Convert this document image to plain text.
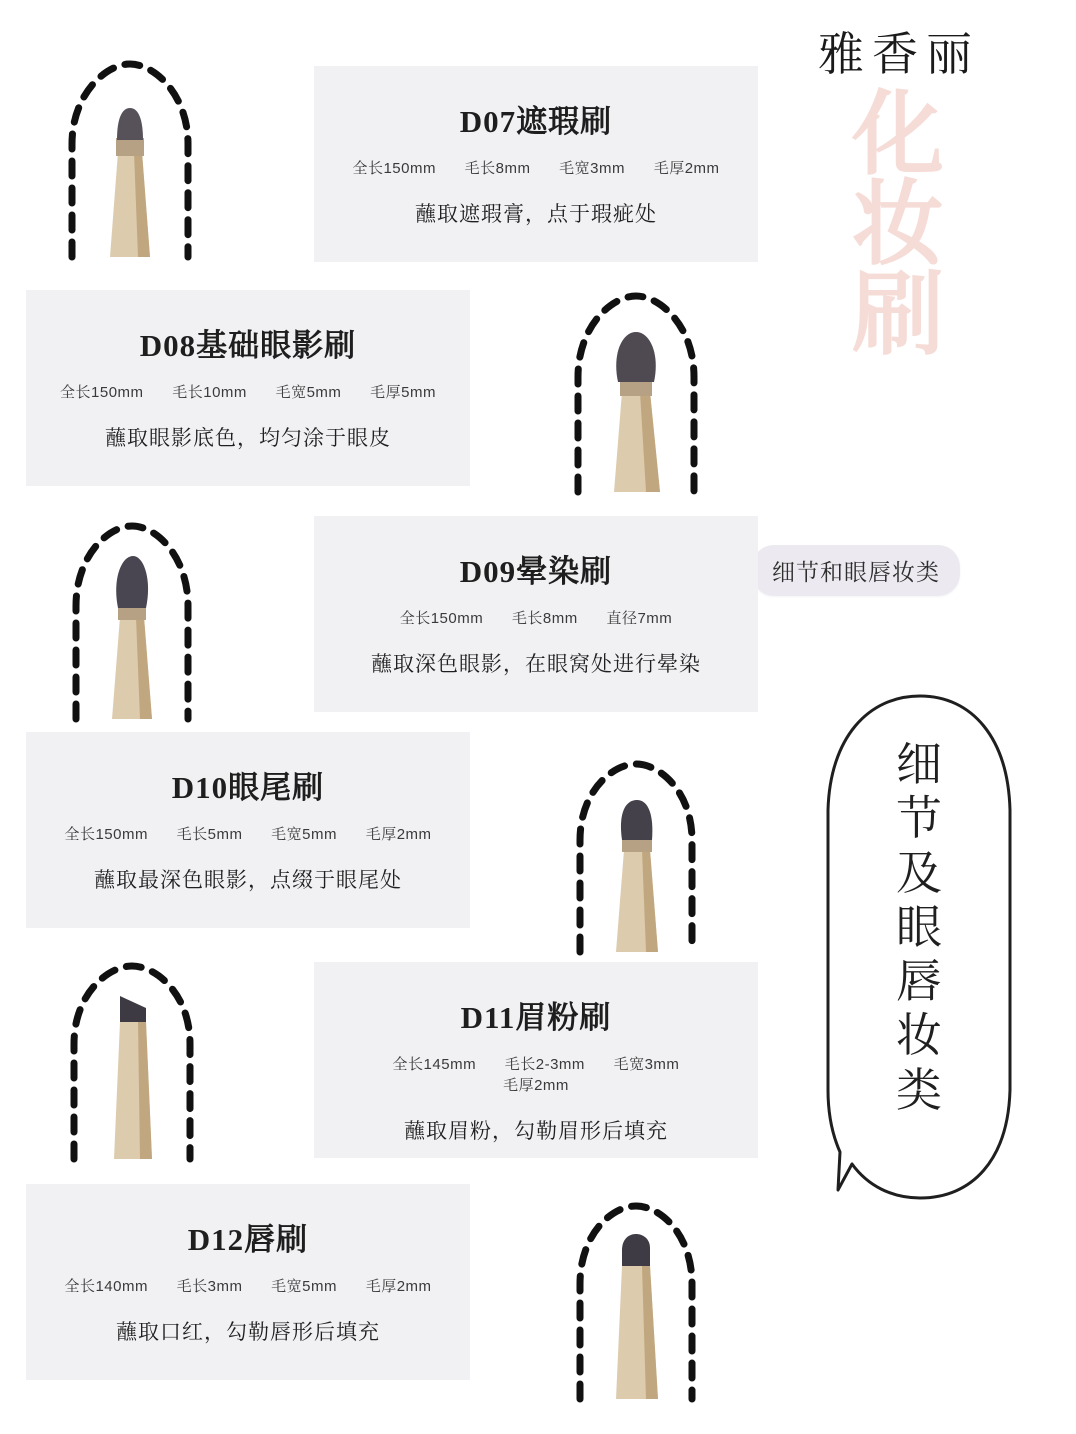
雅香丽
化
妆
刷
细节和眼唇妆类
细
节
及
眼
唇
妆
类
D07遮瑕刷
全长150mm 毛长8mm 毛宽3mm 毛厚2mm
蘸取遮瑕膏，点于瑕疵处
D08基础眼影刷
全长150mm 毛长10mm 毛宽5mm 毛厚5mm
蘸取眼影底色，均匀涂于眼皮
D09晕染刷
全长150mm 毛长8mm 直径7mm
蘸取深色眼影，在眼窝处进行晕染
D10眼尾刷
全长150mm 毛长5mm 毛宽5mm 毛厚2mm
蘸取最深色眼影，点缀于眼尾处
D11眉粉刷
全长145mm 毛长2-3mm 毛宽3mm 毛厚2mm
蘸取眉粉，勾勒眉形后填充
D12唇刷
全长140mm 毛长3mm 毛宽5mm 毛厚2mm
蘸取口红，勾勒唇形后填充
